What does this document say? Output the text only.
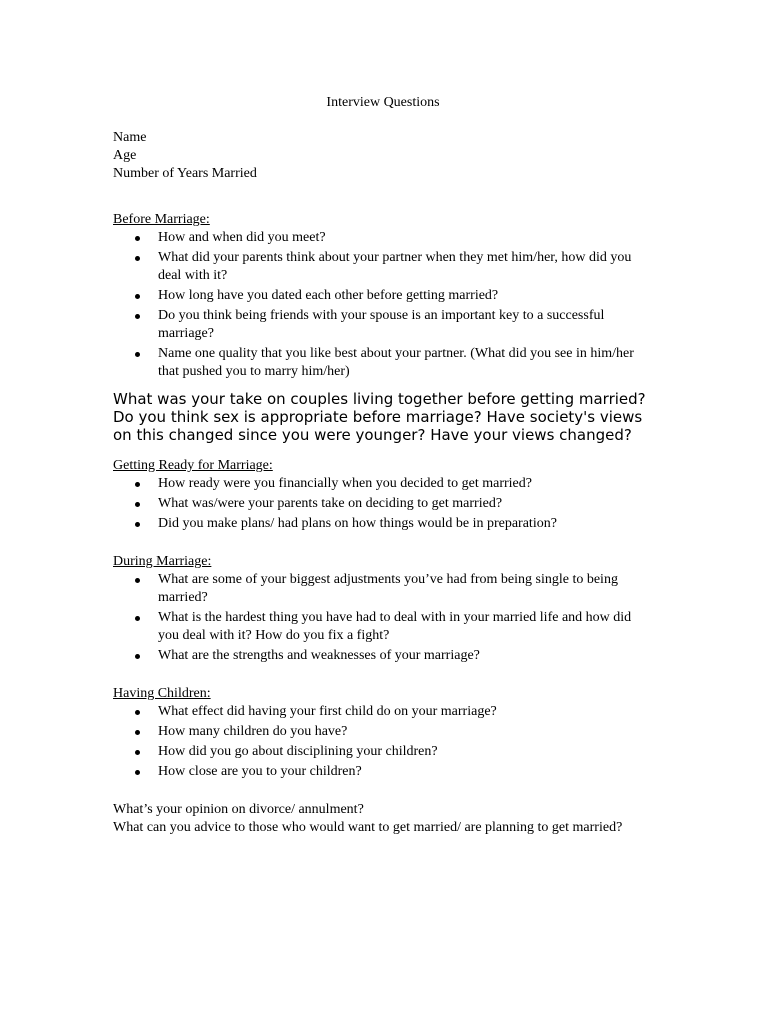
Interview Questions
Name
Age
Number of Years Married
Before Marriage:
How and when did you meet?
What did your parents think about your partner when they met him/her, how did you deal with it?
How long have you dated each other before getting married?
Do you think being friends with your spouse is an important key to a successful marriage?
Name one quality that you like best about your partner. (What did you see in him/her that pushed you to marry him/her)

What was your take on couples living together before getting married? Do you think sex is appropriate before marriage? Have society's views on this changed since you were younger? Have your views changed?

Getting Ready for Marriage:
How ready were you financially when you decided to get married?
What was/were your parents take on deciding to get married?
Did you make plans/ had plans on how things would be in preparation?
During Marriage:
What are some of your biggest adjustments you’ve had from being single to being married?
What is the hardest thing you have had to deal with in your married life and how did you deal with it? How do you fix a fight?
What are the strengths and weaknesses of your marriage?
Having Children:
What effect did having your first child do on your marriage?
How many children do you have?
How did you go about disciplining your children?
How close are you to your children?
What’s your opinion on divorce/ annulment?
What can you advice to those who would want to get married/ are planning to get married?
